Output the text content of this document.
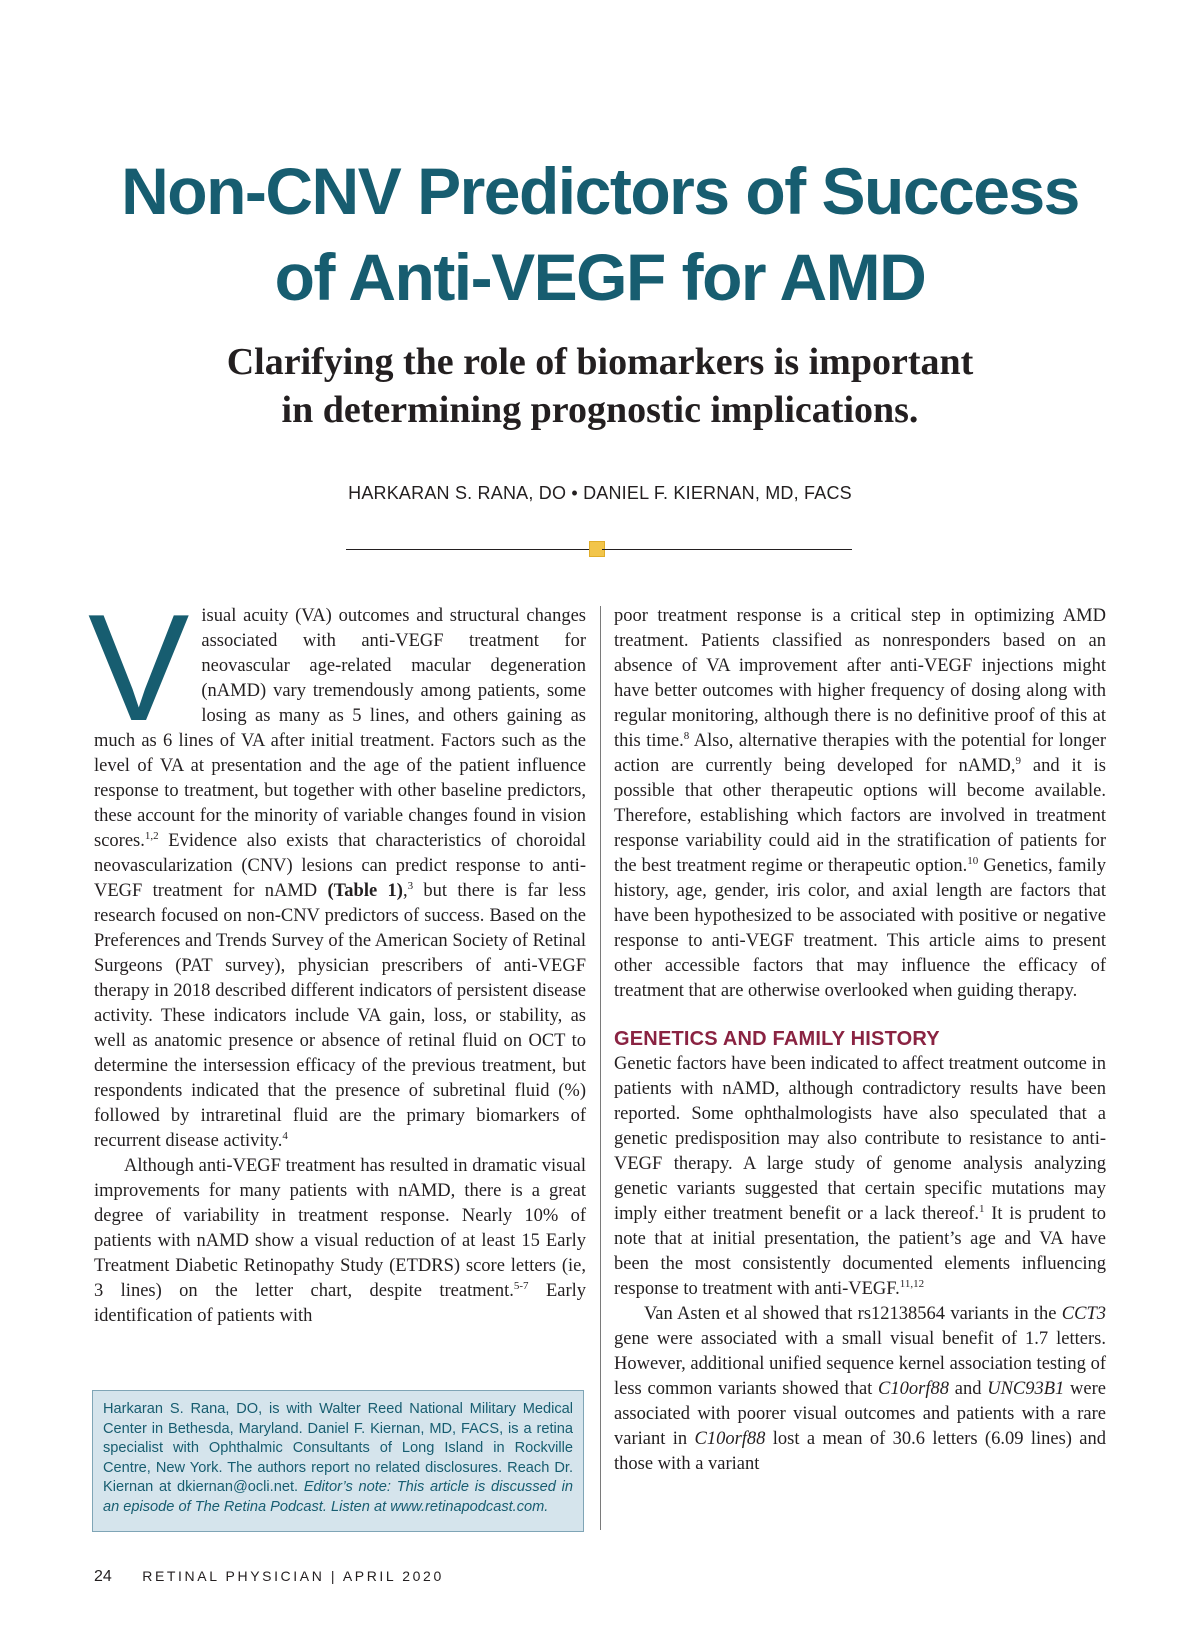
Non-CNV Predictors of Success
of Anti-VEGF for AMD
Clarifying the role of biomarkers is important
in determining prognostic implications.
HARKARAN S. RANA, DO • DANIEL F. KIERNAN, MD, FACS

Visual acuity (VA) outcomes and structural changes associated with anti-VEGF treatment for neovascular age-related macular degeneration (nAMD) vary tremendously among patients, some losing as many as 5 lines, and others gaining as much as 6 lines of VA after initial treatment. Factors such as the level of VA at presentation and the age of the patient influence response to treatment, but together with other baseline predictors, these account for the minority of variable changes found in vision scores.$^{1,2}$ Evidence also exists that characteristics of choroidal neovascularization (CNV) lesions can predict response to anti-VEGF treatment for nAMD (Table 1),$^3$ but there is far less research focused on non-CNV predictors of success. Based on the Preferences and Trends Survey of the American Society of Retinal Surgeons (PAT survey), physician prescribers of anti-VEGF therapy in 2018 described different indicators of persistent disease activity. These indicators include VA gain, loss, or stability, as well as anatomic presence or absence of retinal fluid on OCT to determine the intersession efficacy of the previous treatment, but respondents indicated that the presence of subretinal fluid (%) followed by intraretinal fluid are the primary biomarkers of recurrent disease activity.$^4$

Although anti-VEGF treatment has resulted in dramatic visual improvements for many patients with nAMD, there is a great degree of variability in treatment response. Nearly 10% of patients with nAMD show a visual reduction of at least 15 Early Treatment Diabetic Retinopathy Study (ETDRS) score letters (ie, 3 lines) on the letter chart, despite treatment.$^{5-7}$ Early identification of patients with

poor treatment response is a critical step in optimizing AMD treatment. Patients classified as nonresponders based on an absence of VA improvement after anti-VEGF injections might have better outcomes with higher frequency of dosing along with regular monitoring, although there is no definitive proof of this at this time.$^8$ Also, alternative therapies with the potential for longer action are currently being developed for nAMD,$^9$ and it is possible that other therapeutic options will become available. Therefore, establishing which factors are involved in treatment response variability could aid in the stratification of patients for the best treatment regime or therapeutic option.$^{10}$ Genetics, family history, age, gender, iris color, and axial length are factors that have been hypothesized to be associated with positive or negative response to anti-VEGF treatment. This article aims to present other accessible factors that may influence the efficacy of treatment that are otherwise overlooked when guiding therapy.

GENETICS AND FAMILY HISTORY

Genetic factors have been indicated to affect treatment outcome in patients with nAMD, although contradictory results have been reported. Some ophthalmologists have also speculated that a genetic predisposition may also contribute to resistance to anti-VEGF therapy. A large study of genome analysis analyzing genetic variants suggested that certain specific mutations may imply either treatment benefit or a lack thereof.$^1$ It is prudent to note that at initial presentation, the patient’s age and VA have been the most consistently documented elements influencing response to treatment with anti-VEGF.$^{11,12}$

Van Asten et al showed that rs12138564 variants in the CCT3 gene were associated with a small visual benefit of 1.7 letters. However, additional unified sequence kernel association testing of less common variants showed that C10orf88 and UNC93B1 were associated with poorer visual outcomes and patients with a rare variant in C10orf88 lost a mean of 30.6 letters (6.09 lines) and those with a variant

Harkaran S. Rana, DO, is with Walter Reed National Military Medical Center in Bethesda, Maryland. Daniel F. Kiernan, MD, FACS, is a retina specialist with Ophthalmic Consultants of Long Island in Rockville Centre, New York. The authors report no related disclosures. Reach Dr. Kiernan at dkiernan@ocli.net. Editor’s note: This article is discussed in an episode of The Retina Podcast. Listen at www.retinapodcast.com.
24 RETINAL PHYSICIAN | APRIL 2020
